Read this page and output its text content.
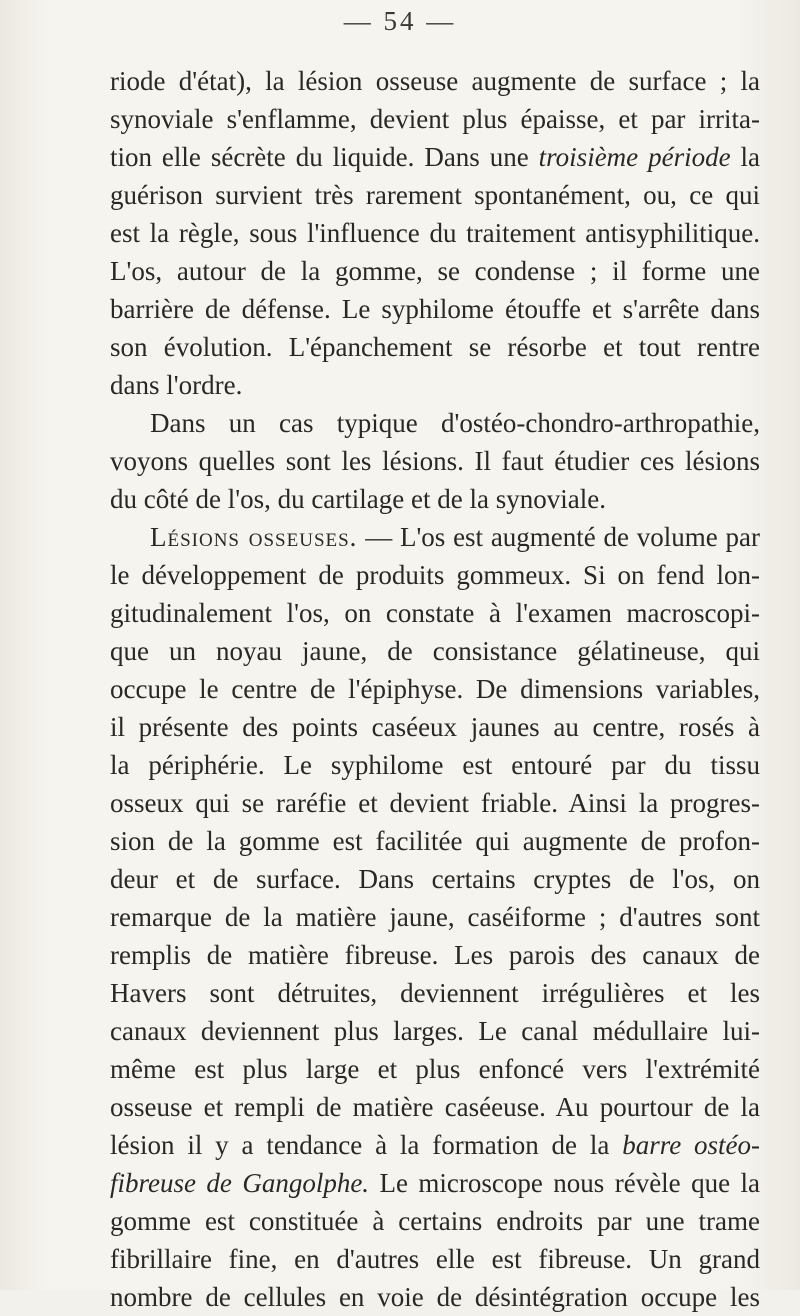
— 54 —
riode d'état), la lésion osseuse augmente de surface ; la
synoviale s'enflamme, devient plus épaisse, et par irrita-
tion elle sécrète du liquide. Dans une troisième période la
guérison survient très rarement spontanément, ou, ce qui
est la règle, sous l'influence du traitement antisyphilitique.
L'os, autour de la gomme, se condense ; il forme une
barrière de défense. Le syphilome étouffe et s'arrête dans
son évolution. L'épanchement se résorbe et tout rentre
dans l'ordre.
Dans un cas typique d'ostéo-chondro-arthropathie,
voyons quelles sont les lésions. Il faut étudier ces lésions
du côté de l'os, du cartilage et de la synoviale.
Lésions osseuses. — L'os est augmenté de volume par
le développement de produits gommeux. Si on fend lon-
gitudinalement l'os, on constate à l'examen macroscopi-
que un noyau jaune, de consistance gélatineuse, qui
occupe le centre de l'épiphyse. De dimensions variables,
il présente des points caséeux jaunes au centre, rosés à
la périphérie. Le syphilome est entouré par du tissu
osseux qui se raréfie et devient friable. Ainsi la progres-
sion de la gomme est facilitée qui augmente de profon-
deur et de surface. Dans certains cryptes de l'os, on
remarque de la matière jaune, caséiforme ; d'autres sont
remplis de matière fibreuse. Les parois des canaux de
Havers sont détruites, deviennent irrégulières et les
canaux deviennent plus larges. Le canal médullaire lui-
même est plus large et plus enfoncé vers l'extrémité
osseuse et rempli de matière caséeuse. Au pourtour de la
lésion il y a tendance à la formation de la barre ostéo-
fibreuse de Gangolphe. Le microscope nous révèle que la
gomme est constituée à certains endroits par une trame
fibrillaire fine, en d'autres elle est fibreuse. Un grand
nombre de cellules en voie de désintégration occupe les
